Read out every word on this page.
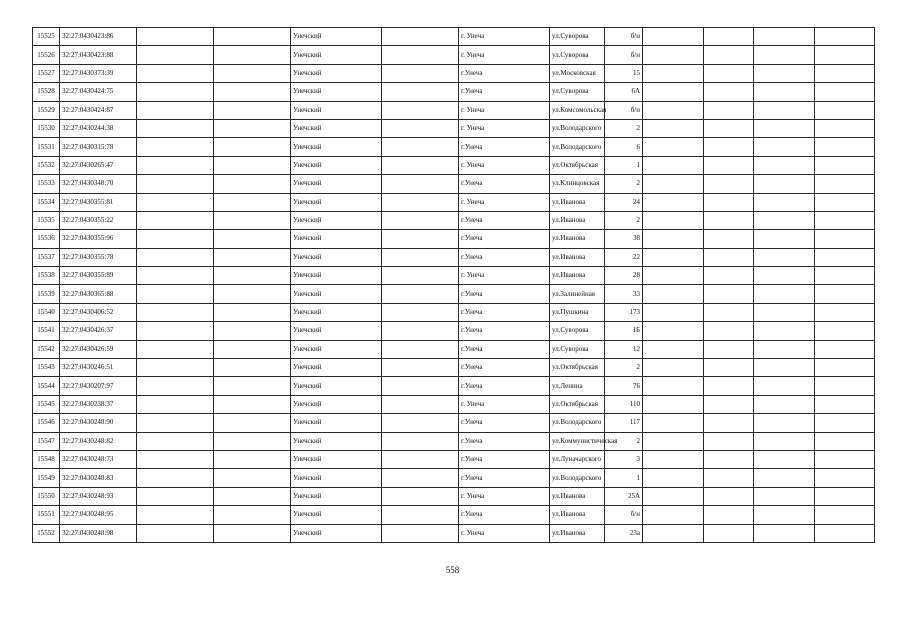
15525	32:27:0430423:86			Унечский		г. Унеча	ул.Суворова	б/н				
15526	32:27:0430423:88			Унечский		г. Унеча	ул.Суворова	б/н				
15527	32:27:0430373:39			Унечский		г.Унеча	ул.Московская	15				
15528	32:27:0430424:75			Унечский		г.Унеча	ул.Суворова	6А				
15529	32:27:0430424:87			Унечский		г. Унеча	ул.Комсомольская	б/н				
15530	32:27:0430244:38			Унечский		г. Унеча	ул.Володарского	2				
15531	32:27:0430315:78			Унечский		г.Унеча	ул.Володарского	6				
15532	32:27:0430265:47			Унечский		г. Унеча	ул.Октябрьская	1				
15533	32:27:0430348:70			Унечский		г.Унеча	ул.Клинцовская	2				
15534	32:27:0430355:81			Унечский		г. Унеча	ул.Иванова	24				
15535	32:27:0430355:22			Унечский		г.Унеча	ул.Иванова	2				
15536	32:27:0430355:96			Унечский		г.Унеча	ул.Иванова	38				
15537	32:27:0430355:78			Унечский		г.Унеча	ул.Иванова	22				
15538	32:27:0430355:89			Унечский		г. Унеча	ул.Иванова	28				
15539	32:27:0430365:88			Унечский		г.Унеча	ул.Залинейная	33				
15540	32:27:0430406:52			Унечский		г.Унеча	ул.Пушкина	173				
15541	32:27:0430426:37			Унечский		г.Унеча	ул.Суворова	1Б				
15542	32:27:0430426:59			Унечский		г.Унеча	ул.Суворова	12				
15543	32:27:0430246:51			Унечский		г.Унеча	ул.Октябрьская	2				
15544	32:27:0430207:97			Унечский		г.Унеча	ул.Ленина	76				
15545	32:27:0430238:37			Унечский		г. Унеча	ул.Октябрьская	110				
15546	32:27:0430248:90			Унечский		г.Унеча	ул.Володарского	117				
15547	32:27:0430248:82			Унечский		г.Унеча	ул.Коммунистическая	2				
15548	32:27:0430248:73			Унечский		г.Унеча	ул.Луначарского	3				
15549	32:27:0430248:83			Унечский		г.Унеча	ул.Володарского	1				
15550	32:27:0430248:93			Унечский		г. Унеча	ул.Иванова	25А				
15551	32:27:0430248:95			Унечский		г.Унеча	ул.Иванова	б/н				
15552	32:27:0430248:98			Унечский		г. Унеча	ул.Иванова	23а				
558
